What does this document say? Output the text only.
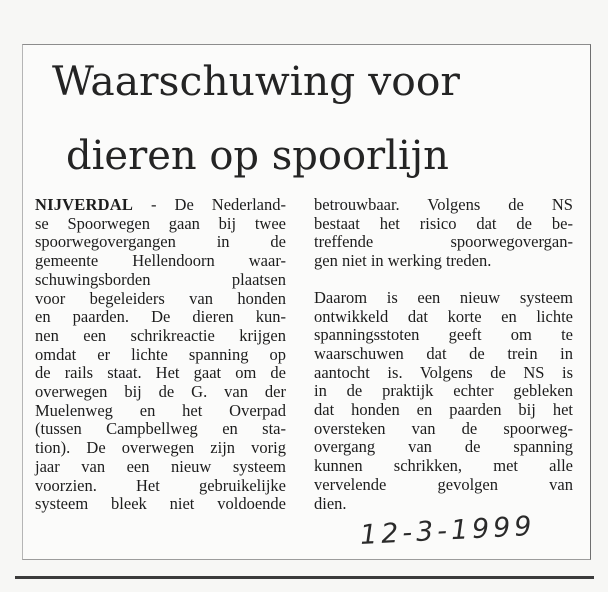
Waarschuwing voor
dieren op spoorlijn

NIJVERDAL - De Nederland-

se Spoorwegen gaan bij twee

spoorwegovergangen in de

gemeente Hellendoorn waar-

schuwingsborden plaatsen

voor begeleiders van honden

en paarden. De dieren kun-

nen een schrikreactie krijgen

omdat er lichte spanning op

de rails staat. Het gaat om de

overwegen bij de G. van der

Muelenweg en het Overpad

(tussen Campbellweg en sta-

tion). De overwegen zijn vorig

jaar van een nieuw systeem

voorzien. Het gebruikelijke

systeem bleek niet voldoende

betrouwbaar. Volgens de NS

bestaat het risico dat de be-

treffende spoorwegovergan-

gen niet in werking treden.

Daarom is een nieuw systeem

ontwikkeld dat korte en lichte

spanningsstoten geeft om te

waarschuwen dat de trein in

aantocht is. Volgens de NS is

in de praktijk echter gebleken

dat honden en paarden bij het

oversteken van de spoorweg-

overgang van de spanning

kunnen schrikken, met alle

vervelende gevolgen van

dien.

12-3-1999
